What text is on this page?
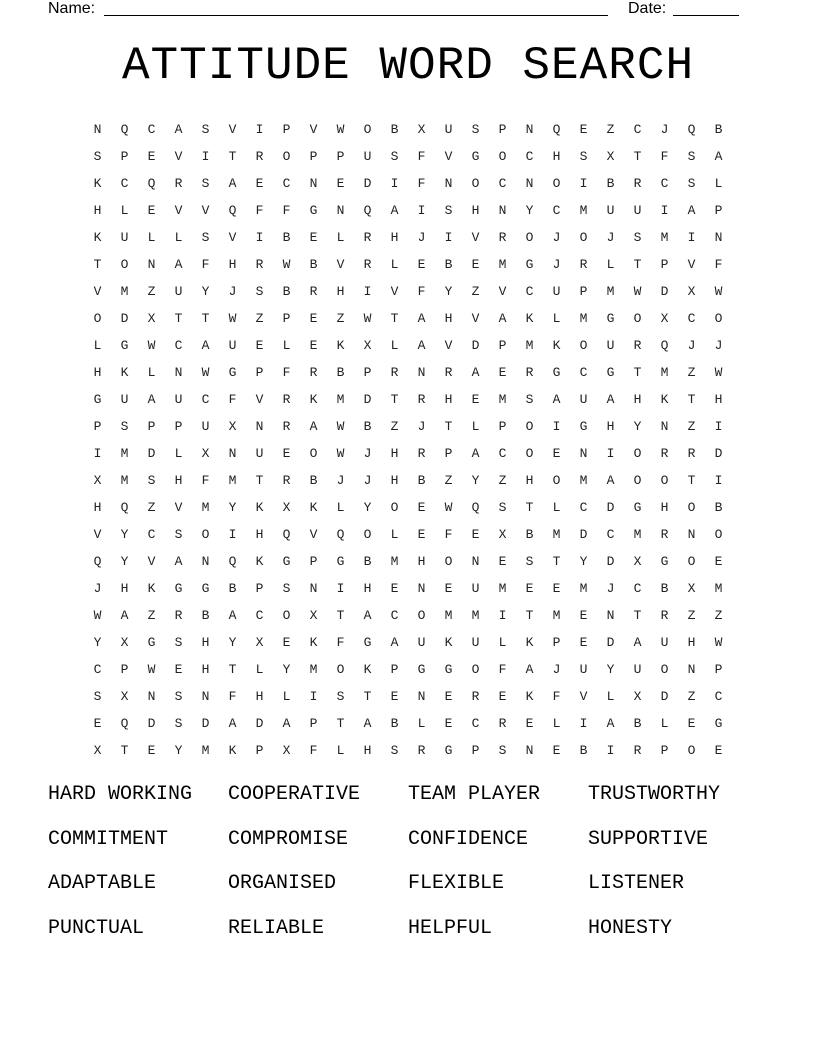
Name:	Date:
ATTITUDE WORD SEARCH
N	Q	C	A	S	V	I	P	V	W	O	B	X	U	S	P	N	Q	E	Z	C	J	Q	B
S	P	E	V	I	T	R	O	P	P	U	S	F	V	G	O	C	H	S	X	T	F	S	A
K	C	Q	R	S	A	E	C	N	E	D	I	F	N	O	C	N	O	I	B	R	C	S	L
H	L	E	V	V	Q	F	F	G	N	Q	A	I	S	H	N	Y	C	M	U	U	I	A	P
K	U	L	L	S	V	I	B	E	L	R	H	J	I	V	R	O	J	O	J	S	M	I	N
T	O	N	A	F	H	R	W	B	V	R	L	E	B	E	M	G	J	R	L	T	P	V	F
V	M	Z	U	Y	J	S	B	R	H	I	V	F	Y	Z	V	C	U	P	M	W	D	X	W
O	D	X	T	T	W	Z	P	E	Z	W	T	A	H	V	A	K	L	M	G	O	X	C	O
L	G	W	C	A	U	E	L	E	K	X	L	A	V	D	P	M	K	O	U	R	Q	J	J
H	K	L	N	W	G	P	F	R	B	P	R	N	R	A	E	R	G	C	G	T	M	Z	W
G	U	A	U	C	F	V	R	K	M	D	T	R	H	E	M	S	A	U	A	H	K	T	H
P	S	P	P	U	X	N	R	A	W	B	Z	J	T	L	P	O	I	G	H	Y	N	Z	I
I	M	D	L	X	N	U	E	O	W	J	H	R	P	A	C	O	E	N	I	O	R	R	D
X	M	S	H	F	M	T	R	B	J	J	H	B	Z	Y	Z	H	O	M	A	O	O	T	I
H	Q	Z	V	M	Y	K	X	K	L	Y	O	E	W	Q	S	T	L	C	D	G	H	O	B
V	Y	C	S	O	I	H	Q	V	Q	O	L	E	F	E	X	B	M	D	C	M	R	N	O
Q	Y	V	A	N	Q	K	G	P	G	B	M	H	O	N	E	S	T	Y	D	X	G	O	E
J	H	K	G	G	B	P	S	N	I	H	E	N	E	U	M	E	E	M	J	C	B	X	M
W	A	Z	R	B	A	C	O	X	T	A	C	O	M	M	I	T	M	E	N	T	R	Z	Z
Y	X	G	S	H	Y	X	E	K	F	G	A	U	K	U	L	K	P	E	D	A	U	H	W
C	P	W	E	H	T	L	Y	M	O	K	P	G	G	O	F	A	J	U	Y	U	O	N	P
S	X	N	S	N	F	H	L	I	S	T	E	N	E	R	E	K	F	V	L	X	D	Z	C
E	Q	D	S	D	A	D	A	P	T	A	B	L	E	C	R	E	L	I	A	B	L	E	G
X	T	E	Y	M	K	P	X	F	L	H	S	R	G	P	S	N	E	B	I	R	P	O	E
HARD WORKING	COOPERATIVE	TEAM PLAYER	TRUSTWORTHY
COMMITMENT	COMPROMISE	CONFIDENCE	SUPPORTIVE
ADAPTABLE	ORGANISED	FLEXIBLE	LISTENER
PUNCTUAL	RELIABLE	HELPFUL	HONESTY
